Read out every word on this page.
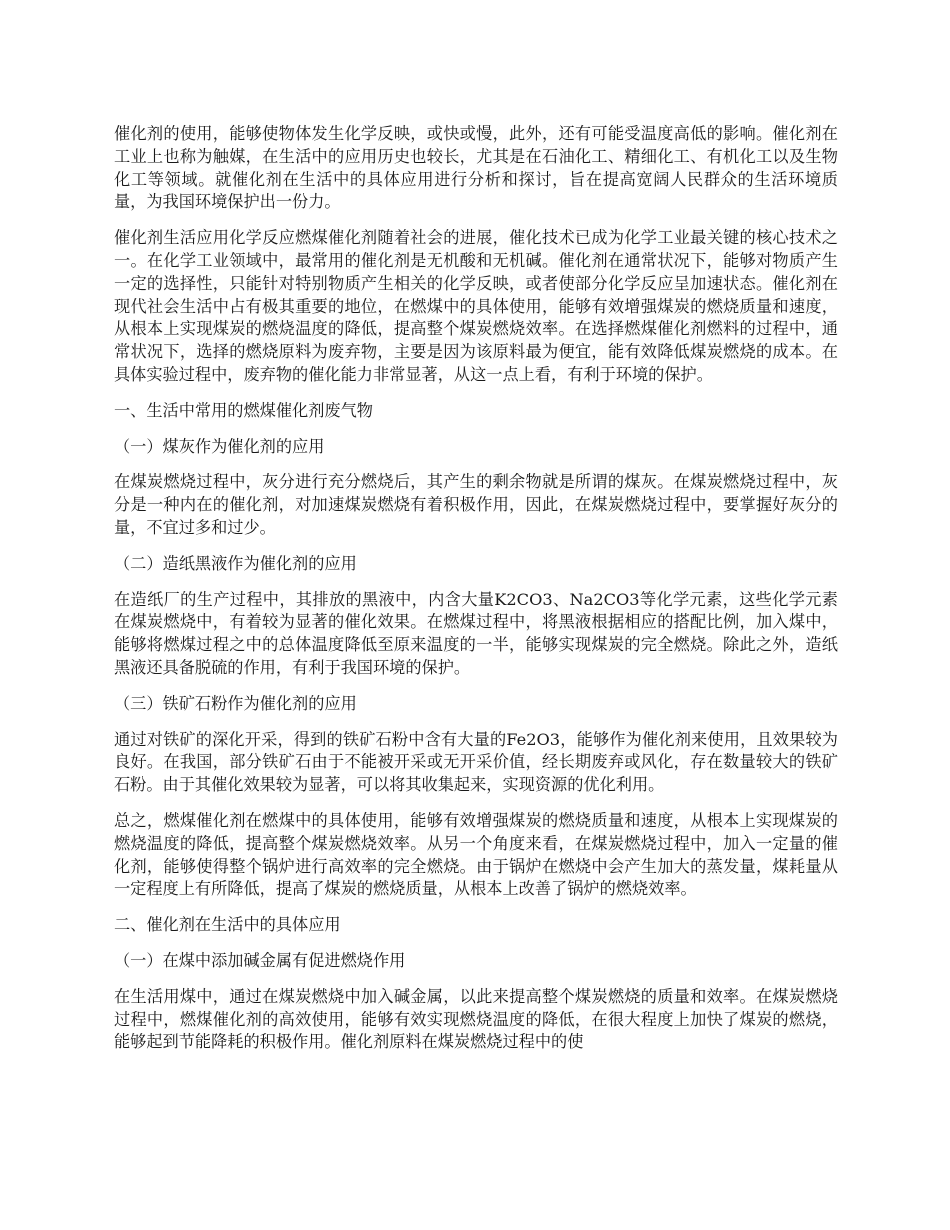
催化剂的使用，能够使物体发生化学反映，或快或慢，此外，还有可能受温度高低的影响。催化剂在工业上也称为触媒，在生活中的应用历史也较长，尤其是在石油化工、精细化工、有机化工以及生物化工等领域。就催化剂在生活中的具体应用进行分析和探讨，旨在提高宽阔人民群众的生活环境质量，为我国环境保护出一份力。

催化剂生活应用化学反应燃煤催化剂随着社会的进展，催化技术已成为化学工业最关键的核心技术之一。在化学工业领域中，最常用的催化剂是无机酸和无机碱。催化剂在通常状况下，能够对物质产生一定的选择性，只能针对特别物质产生相关的化学反映，或者使部分化学反应呈加速状态。催化剂在现代社会生活中占有极其重要的地位，在燃煤中的具体使用，能够有效增强煤炭的燃烧质量和速度，从根本上实现煤炭的燃烧温度的降低，提高整个煤炭燃烧效率。在选择燃煤催化剂燃料的过程中，通常状况下，选择的燃烧原料为废弃物，主要是因为该原料最为便宜，能有效降低煤炭燃烧的成本。在具体实验过程中，废弃物的催化能力非常显著，从这一点上看，有利于环境的保护。

一、生活中常用的燃煤催化剂废气物
（一）煤灰作为催化剂的应用

在煤炭燃烧过程中，灰分进行充分燃烧后，其产生的剩余物就是所谓的煤灰。在煤炭燃烧过程中，灰分是一种内在的催化剂，对加速煤炭燃烧有着积极作用，因此，在煤炭燃烧过程中，要掌握好灰分的量，不宜过多和过少。

（二）造纸黑液作为催化剂的应用

在造纸厂的生产过程中，其排放的黑液中，内含大量K2CO3、Na2CO3等化学元素，这些化学元素在煤炭燃烧中，有着较为显著的催化效果。在燃煤过程中，将黑液根据相应的搭配比例，加入煤中，能够将燃煤过程之中的总体温度降低至原来温度的一半，能够实现煤炭的完全燃烧。除此之外，造纸黑液还具备脱硫的作用，有利于我国环境的保护。

（三）铁矿石粉作为催化剂的应用

通过对铁矿的深化开采，得到的铁矿石粉中含有大量的Fe2O3，能够作为催化剂来使用，且效果较为良好。在我国，部分铁矿石由于不能被开采或无开采价值，经长期废弃或风化，存在数量较大的铁矿石粉。由于其催化效果较为显著，可以将其收集起来，实现资源的优化利用。

总之，燃煤催化剂在燃煤中的具体使用，能够有效增强煤炭的燃烧质量和速度，从根本上实现煤炭的燃烧温度的降低，提高整个煤炭燃烧效率。从另一个角度来看，在煤炭燃烧过程中，加入一定量的催化剂，能够使得整个锅炉进行高效率的完全燃烧。由于锅炉在燃烧中会产生加大的蒸发量，煤耗量从一定程度上有所降低，提高了煤炭的燃烧质量，从根本上改善了锅炉的燃烧效率。

二、催化剂在生活中的具体应用
（一）在煤中添加碱金属有促进燃烧作用

在生活用煤中，通过在煤炭燃烧中加入碱金属，以此来提高整个煤炭燃烧的质量和效率。在煤炭燃烧过程中，燃煤催化剂的高效使用，能够有效实现燃烧温度的降低，在很大程度上加快了煤炭的燃烧，能够起到节能降耗的积极作用。催化剂原料在煤炭燃烧过程中的使
